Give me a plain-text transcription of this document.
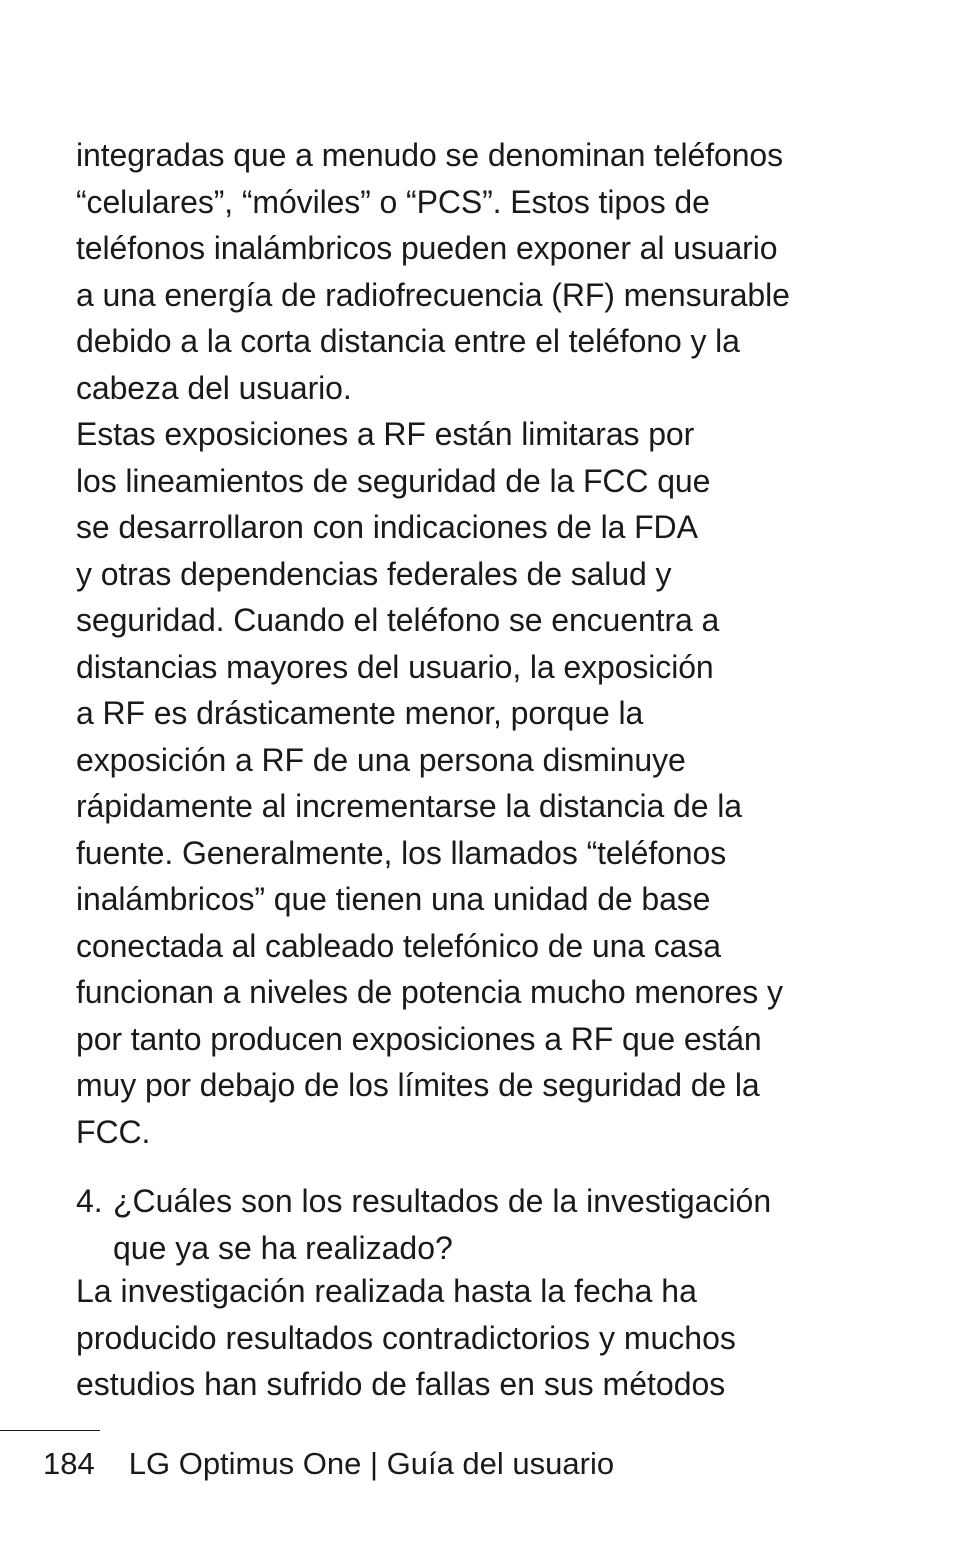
integradas que a menudo se denominan teléfonos
“celulares”, “móviles” o “PCS”. Estos tipos de
teléfonos inalámbricos pueden exponer al usuario
a una energía de radiofrecuencia (RF) mensurable
debido a la corta distancia entre el teléfono y la
cabeza del usuario.
Estas exposiciones a RF están limitaras por
los lineamientos de seguridad de la FCC que
se desarrollaron con indicaciones de la FDA
y otras dependencias federales de salud y
seguridad. Cuando el teléfono se encuentra a
distancias mayores del usuario, la exposición
a RF es drásticamente menor, porque la
exposición a RF de una persona disminuye
rápidamente al incrementarse la distancia de la
fuente. Generalmente, los llamados “teléfonos
inalámbricos” que tienen una unidad de base
conectada al cableado telefónico de una casa
funcionan a niveles de potencia mucho menores y
por tanto producen exposiciones a RF que están
muy por debajo de los límites de seguridad de la
FCC.
4. ¿Cuáles son los resultados de la investigación
que ya se ha realizado?
La investigación realizada hasta la fecha ha
producido resultados contradictorios y muchos
estudios han sufrido de fallas en sus métodos
184 LG Optimus One | Guía del usuario
